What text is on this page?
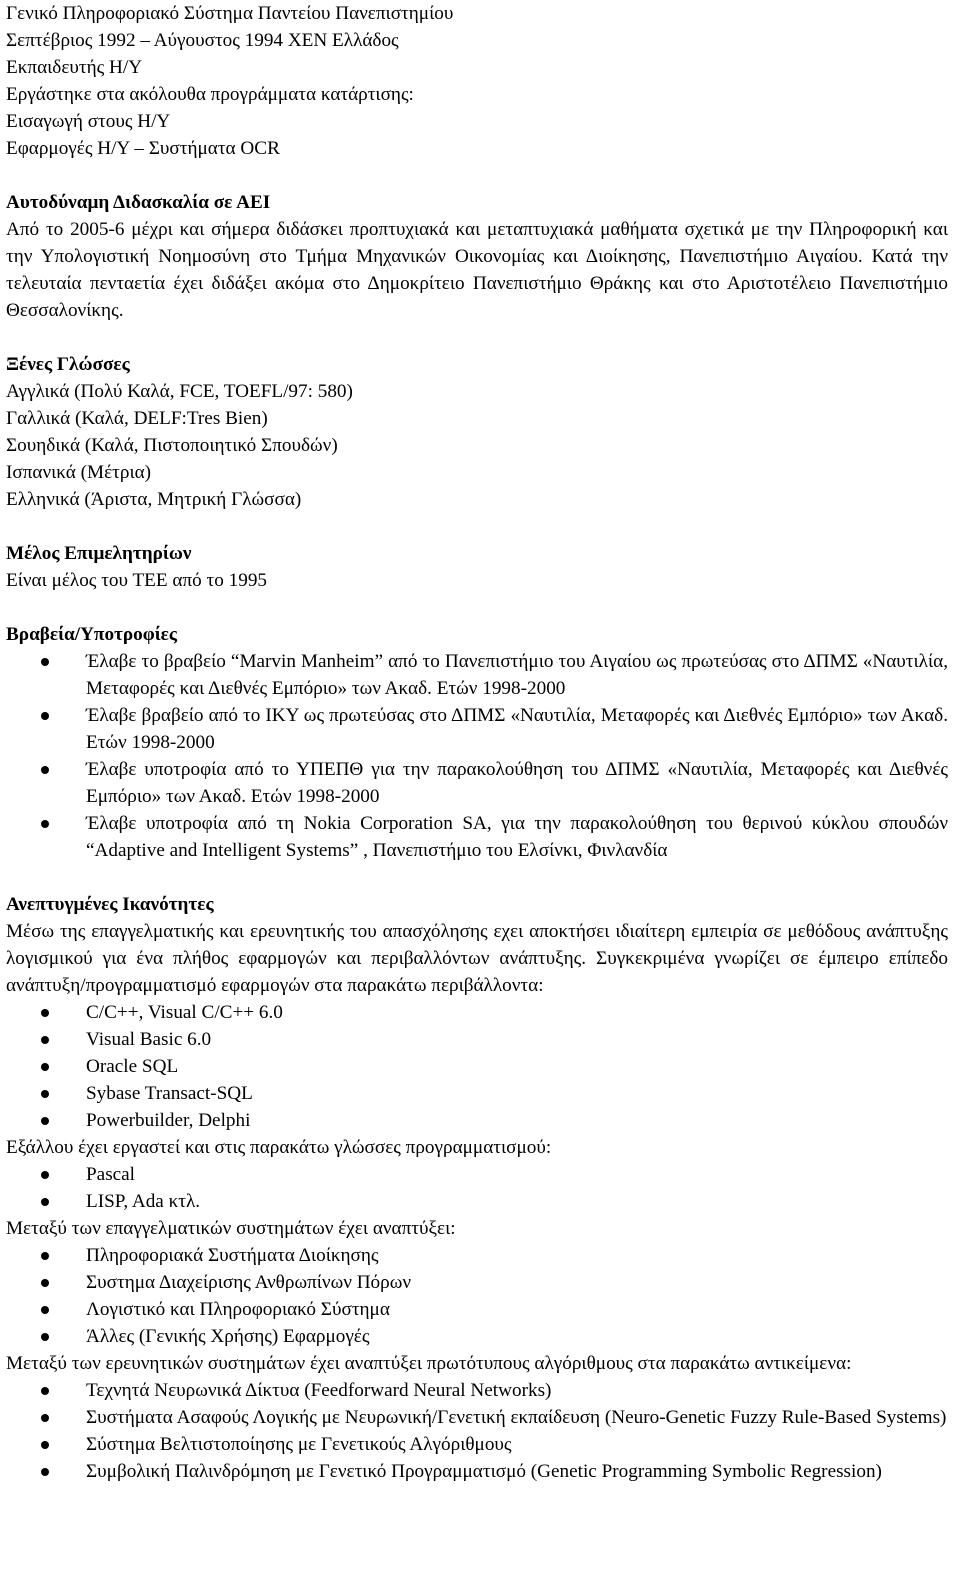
Γενικό Πληροφοριακό Σύστημα Παντείου Πανεπιστημίου

Σεπτέβριος 1992 – Αύγουστος 1994 ΧΕΝ Ελλάδος

Εκπαιδευτής Η/Υ

Εργάστηκε στα ακόλουθα προγράμματα κατάρτισης:

Εισαγωγή στους Η/Υ

Εφαρμογές Η/Υ – Συστήματα OCR

Αυτοδύναμη Διδασκαλία σε ΑΕΙ

Από το 2005-6 μέχρι και σήμερα διδάσκει προπτυχιακά και μεταπτυχιακά μαθήματα σχετικά με την Πληροφορική και την Υπολογιστική Νοημοσύνη στο Τμήμα Μηχανικών Οικονομίας και Διοίκησης, Πανεπιστήμιο Αιγαίου. Κατά την τελευταία πενταετία έχει διδάξει ακόμα στο Δημοκρίτειο Πανεπιστήμιο Θράκης και στο Αριστοτέλειο Πανεπιστήμιο Θεσσαλονίκης.

Ξένες Γλώσσες

Αγγλικά (Πολύ Καλά, FCE, TOEFL/97: 580)

Γαλλικά (Καλά, DELF:Tres Bien)

Σουηδικά (Καλά, Πιστοποιητικό Σπουδών)

Ισπανικά (Μέτρια)

Ελληνικά (Άριστα, Μητρική Γλώσσα)

Μέλος Επιμελητηρίων

Είναι μέλος του ΤΕΕ από το 1995

Βραβεία/Υποτροφίες

Έλαβε το βραβείο “Marvin Manheim” από το Πανεπιστήμιο του Αιγαίου ως πρωτεύσας στο ΔΠΜΣ «Ναυτιλία, Μεταφορές και Διεθνές Εμπόριο» των Ακαδ. Ετών 1998-2000
Έλαβε βραβείο από το ΙΚΥ ως πρωτεύσας στο ΔΠΜΣ «Ναυτιλία, Μεταφορές και Διεθνές Εμπόριο» των Ακαδ. Ετών 1998-2000
Έλαβε υποτροφία από το ΥΠΕΠΘ για την παρακολούθηση του ΔΠΜΣ «Ναυτιλία, Μεταφορές και Διεθνές Εμπόριο» των Ακαδ. Ετών 1998-2000
Έλαβε υποτροφία από τη Nokia Corporation SA, για την παρακολούθηση του θερινού κύκλου σπουδών “Adaptive and Intelligent Systems” , Πανεπιστήμιο του Ελσίνκι, Φινλανδία

Ανεπτυγμένες Ικανότητες

Μέσω της επαγγελματικής και ερευνητικής του απασχόλησης εχει αποκτήσει ιδιαίτερη εμπειρία σε μεθόδους ανάπτυξης λογισμικού για ένα πλήθος εφαρμογών και περιβαλλόντων ανάπτυξης. Συγκεκριμένα γνωρίζει σε έμπειρο επίπεδο ανάπτυξη/προγραμματισμό εφαρμογών στα παρακάτω περιβάλλοντα:

C/C++, Visual C/C++ 6.0
Visual Basic 6.0
Oracle SQL
Sybase Transact-SQL
Powerbuilder, Delphi

Εξάλλου έχει εργαστεί και στις παρακάτω γλώσσες προγραμματισμού:

Pascal
LISP, Ada κτλ.

Μεταξύ των επαγγελματικών συστημάτων έχει αναπτύξει:

Πληροφοριακά Συστήματα Διοίκησης
Συστημα Διαχείρισης Ανθρωπίνων Πόρων
Λογιστικό και Πληροφοριακό Σύστημα
Άλλες (Γενικής Χρήσης) Εφαρμογές

Μεταξύ των ερευνητικών συστημάτων έχει αναπτύξει πρωτότυπους αλγόριθμους στα παρακάτω αντικείμενα:

Τεχνητά Νευρωνικά Δίκτυα (Feedforward Neural Networks)
Συστήματα Ασαφούς Λογικής με Νευρωνική/Γενετική εκπαίδευση (Neuro-Genetic Fuzzy Rule-Based Systems)
Σύστημα Βελτιστοποίησης με Γενετικούς Αλγόριθμους
Συμβολική Παλινδρόμηση με Γενετικό Προγραμματισμό (Genetic Programming Symbolic Regression)
